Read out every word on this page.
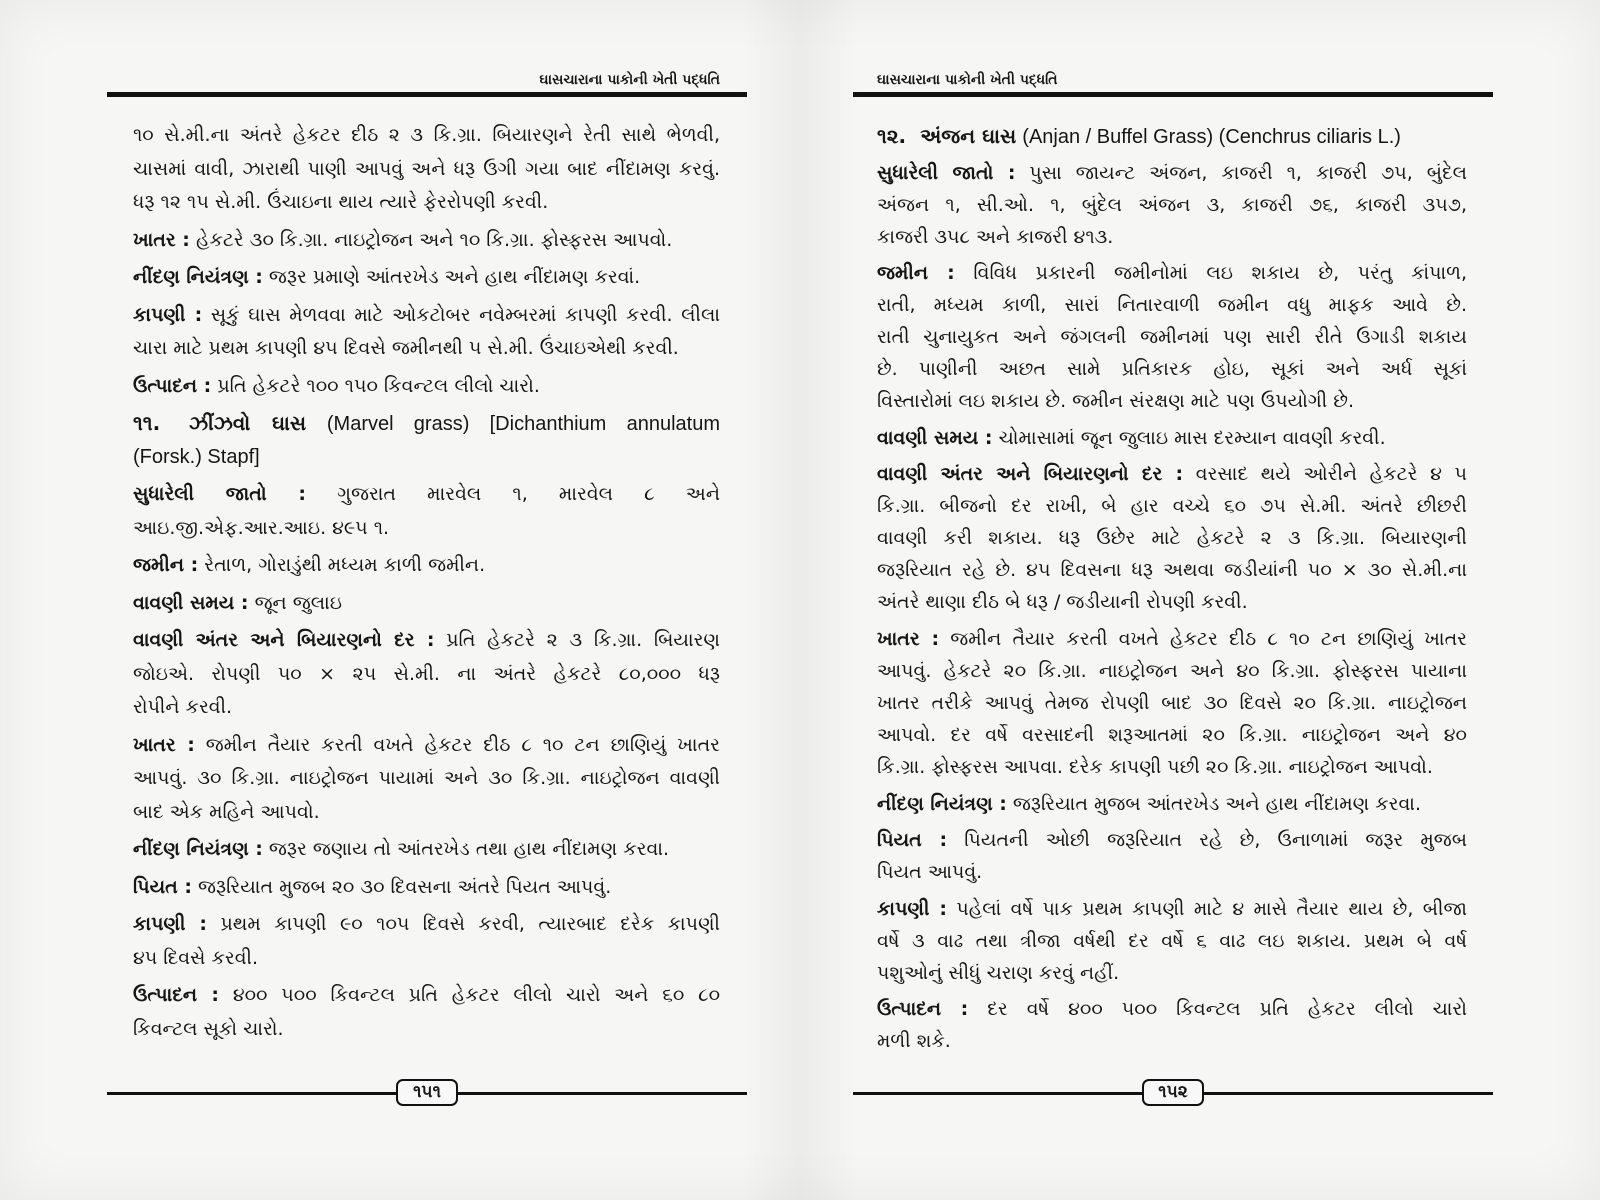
ઘાસચારાના પાકોની ખેતી પદ્ધતિ
૧૦ સે.મી.ના અંતરે હેકટર દીઠ ૨ ૩ કિ.ગ્રા. બિયારણને રેતી સાથે ભેળવી,
ચાસમાં વાવી, ઝારાથી પાણી આપવું અને ધરૂ ઉગી ગયા બાદ નીંદામણ કરવું.
ધરૂ ૧૨ ૧૫ સે.મી. ઉંચાઇના થાય ત્યારે ફેરરોપણી કરવી.
ખાતર : હેકટરે ૩૦ કિ.ગ્રા. નાઇટ્રોજન અને ૧૦ કિ.ગ્રા. ફોસ્ફરસ આપવો.
નીંદણ નિયંત્રણ : જરૂર પ્રમાણે આંતરખેડ અને હાથ નીંદામણ કરવાં.
કાપણી : સૂકું ઘાસ મેળવવા માટે ઓકટોબર નવેમ્બરમાં કાપણી કરવી. લીલા
ચારા માટે પ્રથમ કાપણી ૪૫ દિવસે જમીનથી ૫ સે.મી. ઉંચાઇએથી કરવી.
ઉત્પાદન : પ્રતિ હેકટરે ૧૦૦ ૧૫૦ કિવન્ટલ લીલો ચારો.
૧૧. ઝીંઝવો ઘાસ (Marvel grass) [Dichanthium annulatum
(Forsk.) Stapf]
સુધારેલી જાતો : ગુજરાત મારવેલ ૧, મારવેલ ૮ અને
આઇ.જી.એફ.આર.આઇ. ૪૯૫ ૧.
જમીન : રેતાળ, ગોરાડુંથી મધ્યમ કાળી જમીન.
વાવણી સમય : જૂન જુલાઇ
વાવણી અંતર અને બિયારણનો દર : પ્રતિ હેકટરે ૨ ૩ કિ.ગ્રા. બિયારણ
જોઇએ. રોપણી ૫૦ × ૨૫ સે.મી. ના અંતરે હેકટરે ૮૦,૦૦૦ ધરૂ
રોપીને કરવી.
ખાતર : જમીન તૈયાર કરતી વખતે હેકટર દીઠ ૮ ૧૦ ટન છાણિયું ખાતર
આપવું. ૩૦ કિ.ગ્રા. નાઇટ્રોજન પાયામાં અને ૩૦ કિ.ગ્રા. નાઇટ્રોજન વાવણી
બાદ એક મહિને આપવો.
નીંદણ નિયંત્રણ : જરૂર જણાય તો આંતરખેડ તથા હાથ નીંદામણ કરવા.
પિયત : જરૂરિયાત મુજબ ૨૦ ૩૦ દિવસના અંતરે પિયત આપવું.
કાપણી : પ્રથમ કાપણી ૯૦ ૧૦૫ દિવસે કરવી, ત્યારબાદ દરેક કાપણી
૪૫ દિવસે કરવી.
ઉત્પાદન : ૪૦૦ ૫૦૦ કિવન્ટલ પ્રતિ હેકટર લીલો ચારો અને ૬૦ ૮૦
કિવન્ટલ સૂકો ચારો.
૧૫૧
ઘાસચારાના પાકોની ખેતી પદ્ધતિ
૧૨. અંજન ઘાસ (Anjan / Buffel Grass) (Cenchrus ciliaris L.)
સુધારેલી જાતો : પુસા જાયન્ટ અંજન, કાજરી ૧, કાજરી ૭૫, બુંદેલ
અંજન ૧, સી.ઓ. ૧, બુંદેલ અંજન ૩, કાજરી ૭૬, કાજરી ૩૫૭,
કાજરી ૩૫૮ અને કાજરી ૪૧૩.
જમીન : વિવિધ પ્રકારની જમીનોમાં લઇ શકાય છે, પરંતુ કાંપાળ,
રાતી, મધ્યમ કાળી, સારાં નિતારવાળી જમીન વધુ માફક આવે છે.
રાતી ચુનાયુકત અને જંગલની જમીનમાં પણ સારી રીતે ઉગાડી શકાય
છે. પાણીની અછત સામે પ્રતિકારક હોઇ, સૂકાં અને અર્ધ સૂકાં
વિસ્તારોમાં લઇ શકાય છે. જમીન સંરક્ષણ માટે પણ ઉપયોગી છે.
વાવણી સમય : ચોમાસામાં જૂન જુલાઇ માસ દરમ્યાન વાવણી કરવી.
વાવણી અંતર અને બિયારણનો દર : વરસાદ થયે ઓરીને હેકટરે ૪ ૫
કિ.ગ્રા. બીજનો દર રાખી, બે હાર વચ્ચે ૬૦ ૭૫ સે.મી. અંતરે છીછરી
વાવણી કરી શકાય. ધરૂ ઉછેર માટે હેકટરે ૨ ૩ કિ.ગ્રા. બિયારણની
જરૂરિયાત રહે છે. ૪૫ દિવસના ધરૂ અથવા જડીયાંની ૫૦ × ૩૦ સે.મી.ના
અંતરે થાણા દીઠ બે ધરૂ / જડીયાની રોપણી કરવી.
ખાતર : જમીન તૈયાર કરતી વખતે હેકટર દીઠ ૮ ૧૦ ટન છાણિયું ખાતર
આપવું. હેકટરે ૨૦ કિ.ગ્રા. નાઇટ્રોજન અને ૪૦ કિ.ગ્રા. ફોસ્ફરસ પાયાના
ખાતર તરીકે આપવું તેમજ રોપણી બાદ ૩૦ દિવસે ૨૦ કિ.ગ્રા. નાઇટ્રોજન
આપવો. દર વર્ષે વરસાદની શરૂઆતમાં ૨૦ કિ.ગ્રા. નાઇટ્રોજન અને ૪૦
કિ.ગ્રા. ફોસ્ફરસ આપવા. દરેક કાપણી પછી ૨૦ કિ.ગ્રા. નાઇટ્રોજન આપવો.
નીંદણ નિયંત્રણ : જરૂરિયાત મુજબ આંતરખેડ અને હાથ નીંદામણ કરવા.
પિયત : પિયતની ઓછી જરૂરિયાત રહે છે, ઉનાળામાં જરૂર મુજબ
પિયત આપવું.
કાપણી : પહેલાં વર્ષે પાક પ્રથમ કાપણી માટે ૪ માસે તૈયાર થાય છે, બીજા
વર્ષે ૩ વાઢ તથા ત્રીજા વર્ષથી દર વર્ષે ૬ વાઢ લઇ શકાય. પ્રથમ બે વર્ષ
પશુઓનું સીધું ચરાણ કરવું નહીં.
ઉત્પાદન : દર વર્ષે ૪૦૦ ૫૦૦ કિવન્ટલ પ્રતિ હેકટર લીલો ચારો
મળી શકે.
૧૫૨
